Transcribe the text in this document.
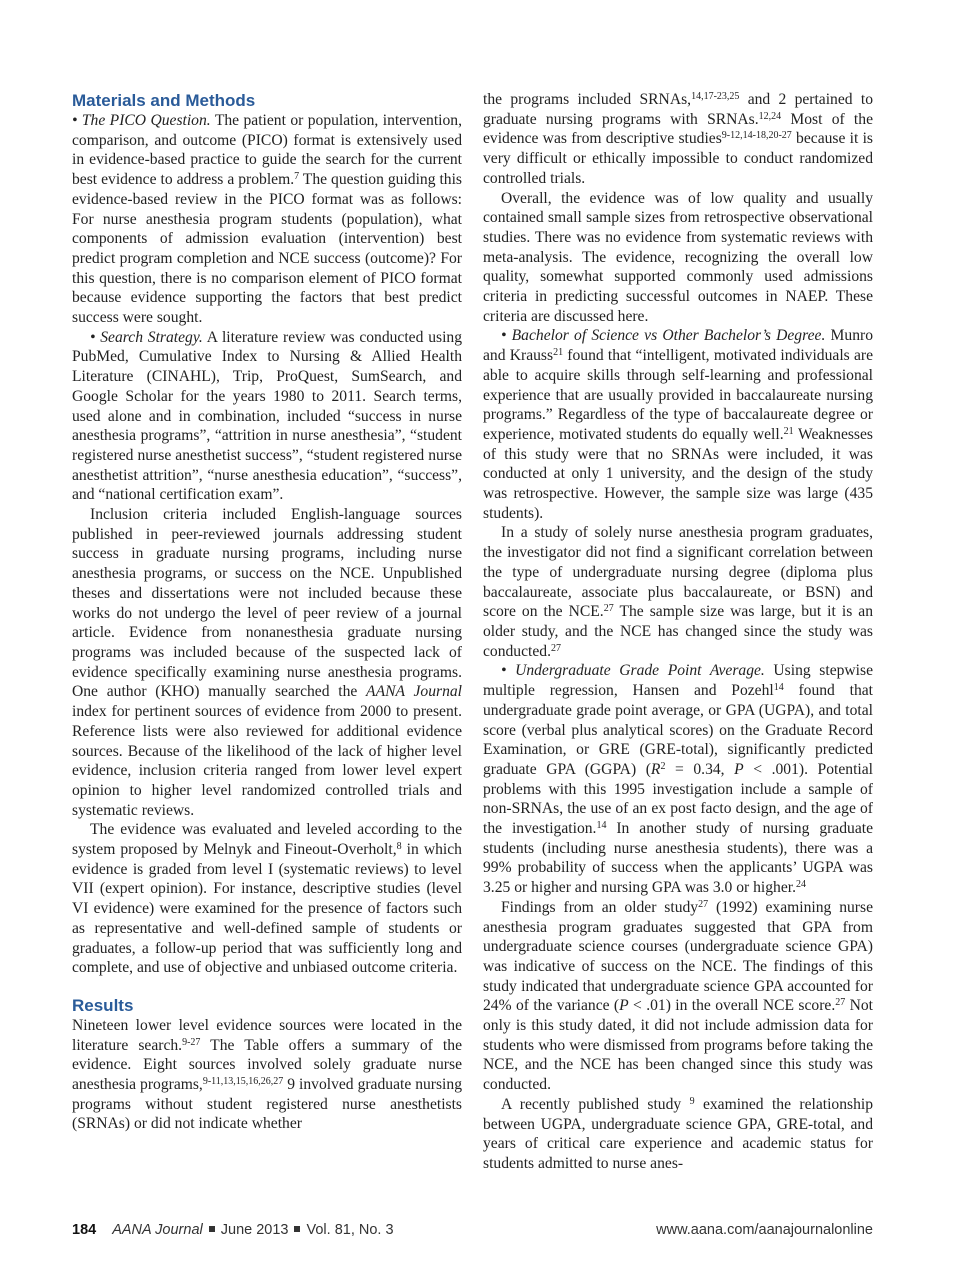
Materials and Methods

• The PICO Question. The patient or population, intervention, comparison, and outcome (PICO) format is extensively used in evidence-based practice to guide the search for the current best evidence to address a problem.$^7$ The question guiding this evidence-based review in the PICO format was as follows: For nurse anesthesia program students (population), what components of admission evaluation (intervention) best predict program completion and NCE success (outcome)? For this question, there is no comparison element of PICO format because evidence supporting the factors that best predict success were sought.

• Search Strategy. A literature review was conducted using PubMed, Cumulative Index to Nursing & Allied Health Literature (CINAHL), Trip, ProQuest, SumSearch, and Google Scholar for the years 1980 to 2011. Search terms, used alone and in combination, included “success in nurse anesthesia programs”, “attrition in nurse anesthesia”, “student registered nurse anesthetist success”, “student registered nurse anesthetist attrition”, “nurse anesthesia education”, “success”, and “national certification exam”.

Inclusion criteria included English-language sources published in peer-reviewed journals addressing student success in graduate nursing programs, including nurse anesthesia programs, or success on the NCE. Unpublished theses and dissertations were not included because these works do not undergo the level of peer review of a journal article. Evidence from nonanesthesia graduate nursing programs was included because of the suspected lack of evidence specifically examining nurse anesthesia programs. One author (KHO) manually searched the AANA Journal index for pertinent sources of evidence from 2000 to present. Reference lists were also reviewed for additional evidence sources. Because of the likelihood of the lack of higher level evidence, inclusion criteria ranged from lower level expert opinion to higher level randomized controlled trials and systematic reviews.

The evidence was evaluated and leveled according to the system proposed by Melnyk and Fineout-Overholt,$^8$ in which evidence is graded from level I (systematic reviews) to level VII (expert opinion). For instance, descriptive studies (level VI evidence) were examined for the presence of factors such as representative and well-defined sample of students or graduates, a follow-up period that was sufficiently long and complete, and use of objective and unbiased outcome criteria.

Results

Nineteen lower level evidence sources were located in the literature search.$^{9-27}$ The Table offers a summary of the evidence. Eight sources involved solely graduate nurse anesthesia programs,$^{9-11,13,15,16,26,27}$ 9 involved graduate nursing programs without student registered nurse anesthetists (SRNAs) or did not indicate whether

the programs included SRNAs,$^{14,17-23,25}$ and 2 pertained to graduate nursing programs with SRNAs.$^{12,24}$ Most of the evidence was from descriptive studies$^{9-12,14-18,20-27}$ because it is very difficult or ethically impossible to conduct randomized controlled trials.

Overall, the evidence was of low quality and usually contained small sample sizes from retrospective observational studies. There was no evidence from systematic reviews with meta-analysis. The evidence, recognizing the overall low quality, somewhat supported commonly used admissions criteria in predicting successful outcomes in NAEP. These criteria are discussed here.

• Bachelor of Science vs Other Bachelor’s Degree. Munro and Krauss$^{21}$ found that “intelligent, motivated individuals are able to acquire skills through self-learning and professional experience that are usually provided in baccalaureate nursing programs.” Regardless of the type of baccalaureate degree or experience, motivated students do equally well.$^{21}$ Weaknesses of this study were that no SRNAs were included, it was conducted at only 1 university, and the design of the study was retrospective. However, the sample size was large (435 students).

In a study of solely nurse anesthesia program graduates, the investigator did not find a significant correlation between the type of undergraduate nursing degree (diploma plus baccalaureate, associate plus baccalaureate, or BSN) and score on the NCE.$^{27}$ The sample size was large, but it is an older study, and the NCE has changed since the study was conducted.$^{27}$

• Undergraduate Grade Point Average. Using stepwise multiple regression, Hansen and Pozehl$^{14}$ found that undergraduate grade point average, or GPA (UGPA), and total score (verbal plus analytical scores) on the Graduate Record Examination, or GRE (GRE-total), significantly predicted graduate GPA (GGPA) ($R^2 = 0.34$, P < .001). Potential problems with this 1995 investigation include a sample of non-SRNAs, the use of an ex post facto design, and the age of the investigation.$^{14}$ In another study of nursing graduate students (including nurse anesthesia students), there was a 99% probability of success when the applicants’ UGPA was 3.25 or higher and nursing GPA was 3.0 or higher.$^{24}$

Findings from an older study$^{27}$ (1992) examining nurse anesthesia program graduates suggested that GPA from undergraduate science courses (undergraduate science GPA) was indicative of success on the NCE. The findings of this study indicated that undergraduate science GPA accounted for 24% of the variance (P < .01) in the overall NCE score.$^{27}$ Not only is this study dated, it did not include admission data for students who were dismissed from programs before taking the NCE, and the NCE has been changed since this study was conducted.

A recently published study $^9$ examined the relationship between UGPA, undergraduate science GPA, GRE-total, and years of critical care experience and academic status for students admitted to nurse anes-

184 AANA Journal June 2013 Vol. 81, No. 3	www.aana.com/aanajournalonline
